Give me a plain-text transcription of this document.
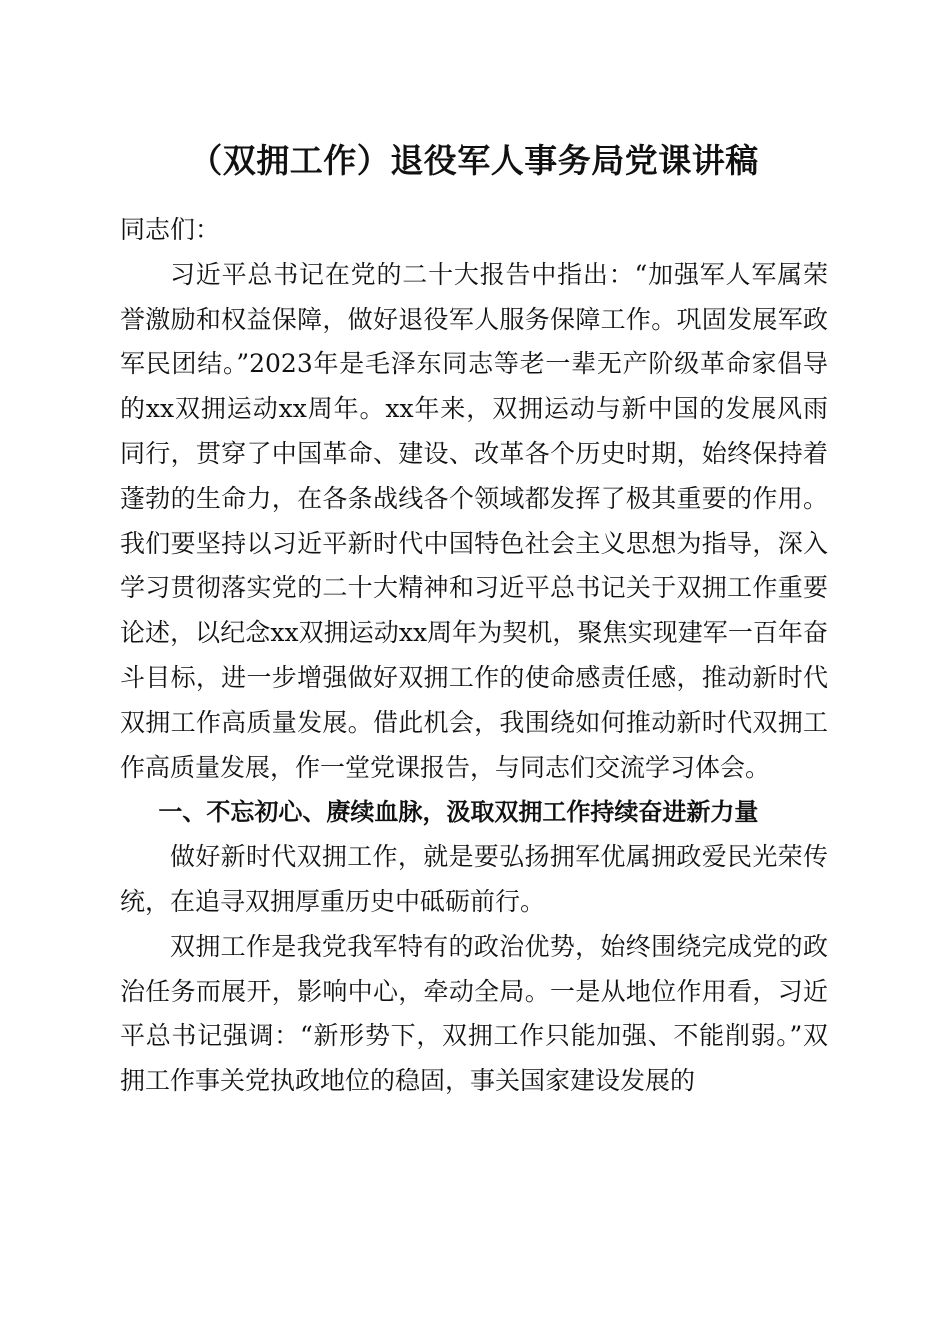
（双拥工作）退役军人事务局党课讲稿

同志们：

习近平总书记在党的二十大报告中指出：“加强军人军属荣誉激励和权益保障，做好退役军人服务保障工作。巩固发展军政军民团结。”2023年是毛泽东同志等老一辈无产阶级革命家倡导的xx双拥运动xx周年。xx年来，双拥运动与新中国的发展风雨同行，贯穿了中国革命、建设、改革各个历史时期，始终保持着蓬勃的生命力，在各条战线各个领域都发挥了极其重要的作用。我们要坚持以习近平新时代中国特色社会主义思想为指导，深入学习贯彻落实党的二十大精神和习近平总书记关于双拥工作重要论述，以纪念xx双拥运动xx周年为契机，聚焦实现建军一百年奋斗目标，进一步增强做好双拥工作的使命感责任感，推动新时代双拥工作高质量发展。借此机会，我围绕如何推动新时代双拥工作高质量发展，作一堂党课报告，与同志们交流学习体会。

一、不忘初心、赓续血脉，汲取双拥工作持续奋进新力量

做好新时代双拥工作，就是要弘扬拥军优属拥政爱民光荣传统，在追寻双拥厚重历史中砥砺前行。

双拥工作是我党我军特有的政治优势，始终围绕完成党的政治任务而展开，影响中心，牵动全局。一是从地位作用看，习近平总书记强调：“新形势下，双拥工作只能加强、不能削弱。”双拥工作事关党执政地位的稳固，事关国家建设发展的
